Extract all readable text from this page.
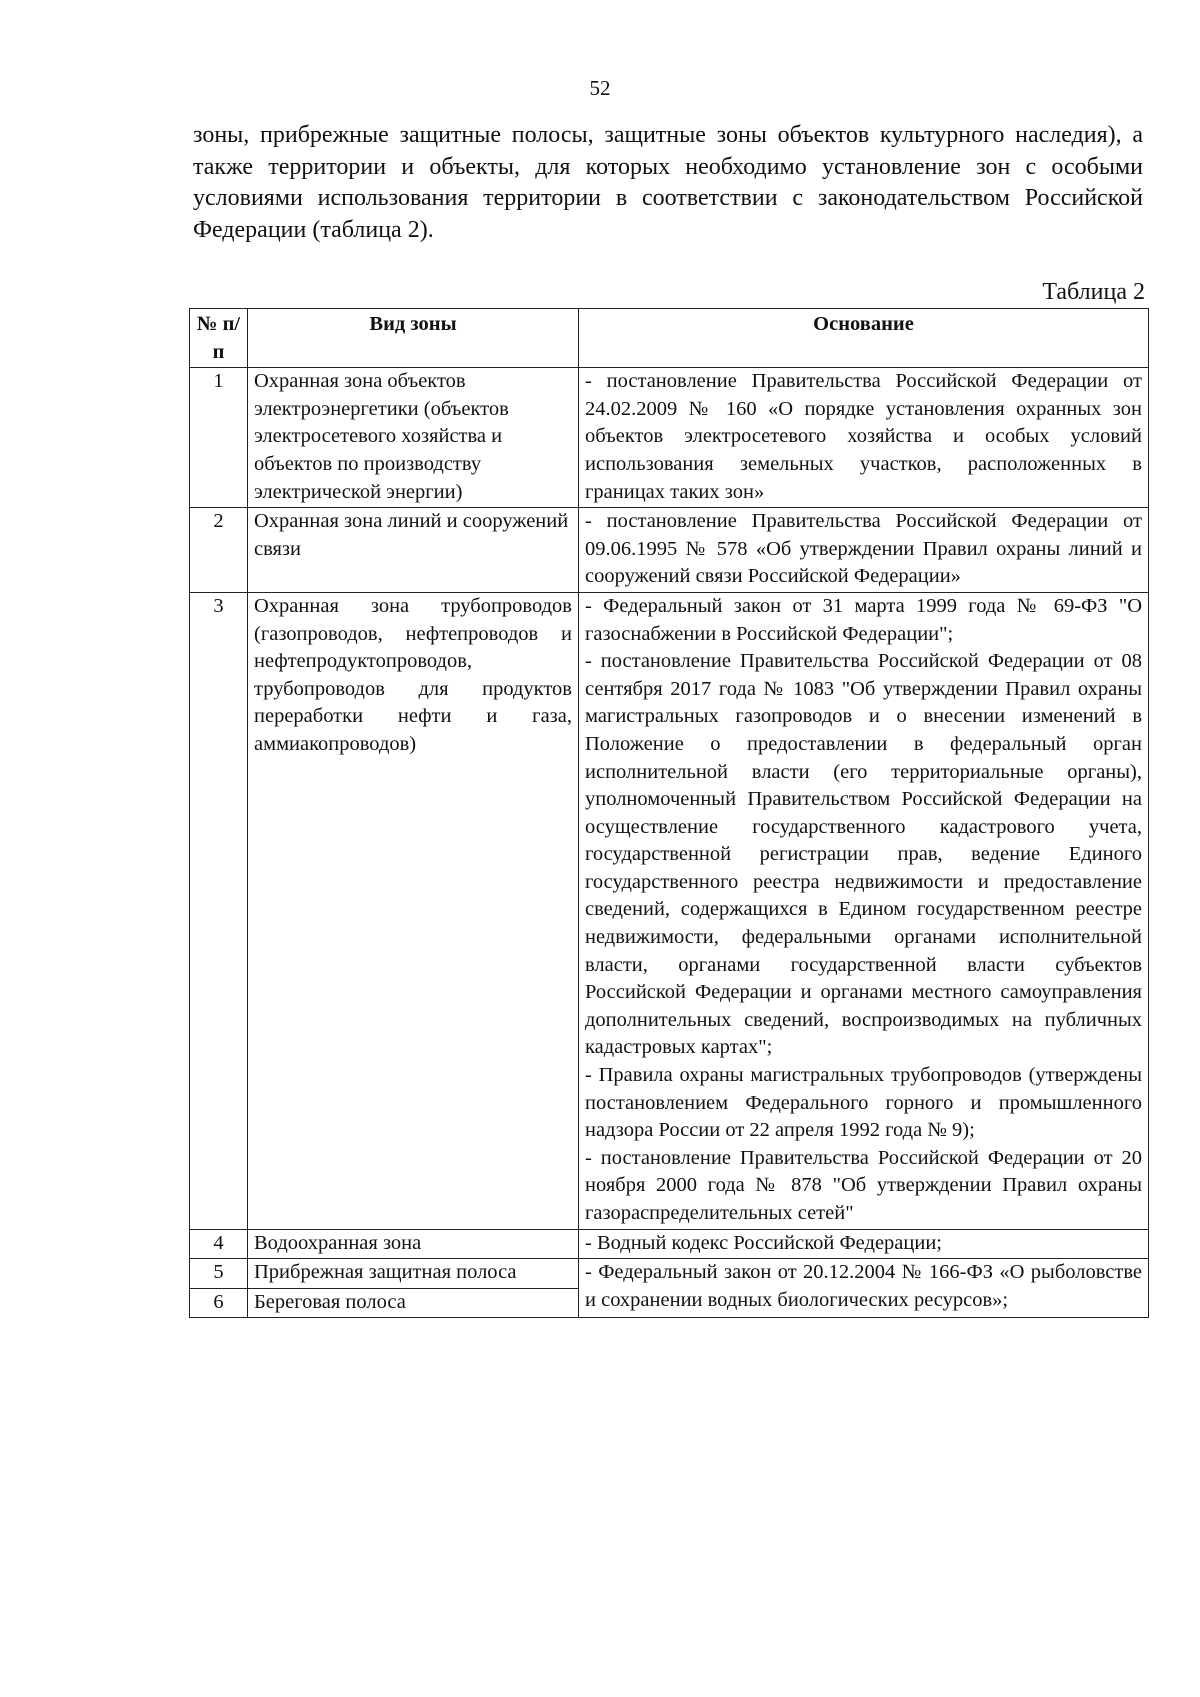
52

зоны, прибрежные защитные полосы, защитные зоны объектов культурного наследия), а также территории и объекты, для которых необходимо установление зон с особыми условиями использования территории в соответствии с законодательством Российской Федерации (таблица 2).

Таблица 2
№ п/п	Вид зоны	Основание
1	Охранная зона объектов электроэнергетики (объектов электросетевого хозяйства и объектов по производству электрической энергии)	- постановление Правительства Российской Федерации от 24.02.2009 № 160 «О порядке установления охранных зон объектов электросетевого хозяйства и особых условий использования земельных участков, расположенных в границах таких зон»

2	Охранная зона линий и сооружений связи	- постановление Правительства Российской Федерации от 09.06.1995 № 578 «Об утверждении Правил охраны линий и сооружений связи Российской Федерации»

3	Охранная зона трубопроводов (газопроводов, нефтепроводов и нефтепродуктопроводов, трубопроводов для продуктов переработки нефти и газа, аммиакопроводов)	- Федеральный закон от 31 марта 1999 года № 69-ФЗ "О газоснабжении в Российской Федерации";

- постановление Правительства Российской Федерации от 08 сентября 2017 года № 1083 "Об утверждении Правил охраны магистральных газопроводов и о внесении изменений в Положение о предоставлении в федеральный орган исполнительной власти (его территориальные органы), уполномоченный Правительством Российской Федерации на осуществление государственного кадастрового учета, государственной регистрации прав, ведение Единого государственного реестра недвижимости и предоставление сведений, содержащихся в Едином государственном реестре недвижимости, федеральными органами исполнительной власти, органами государственной власти субъектов Российской Федерации и органами местного самоуправления дополнительных сведений, воспроизводимых на публичных кадастровых картах";

- Правила охраны магистральных трубопроводов (утверждены постановлением Федерального горного и промышленного надзора России от 22 апреля 1992 года № 9);

- постановление Правительства Российской Федерации от 20 ноября 2000 года № 878 "Об утверждении Правил охраны газораспределительных сетей"

4	Водоохранная зона	- Водный кодекс Российской Федерации;

5	Прибрежная защитная полоса	- Федеральный закон от 20.12.2004 № 166-ФЗ «О рыболовстве и сохранении водных биологических ресурсов»;

6	Береговая полоса	
